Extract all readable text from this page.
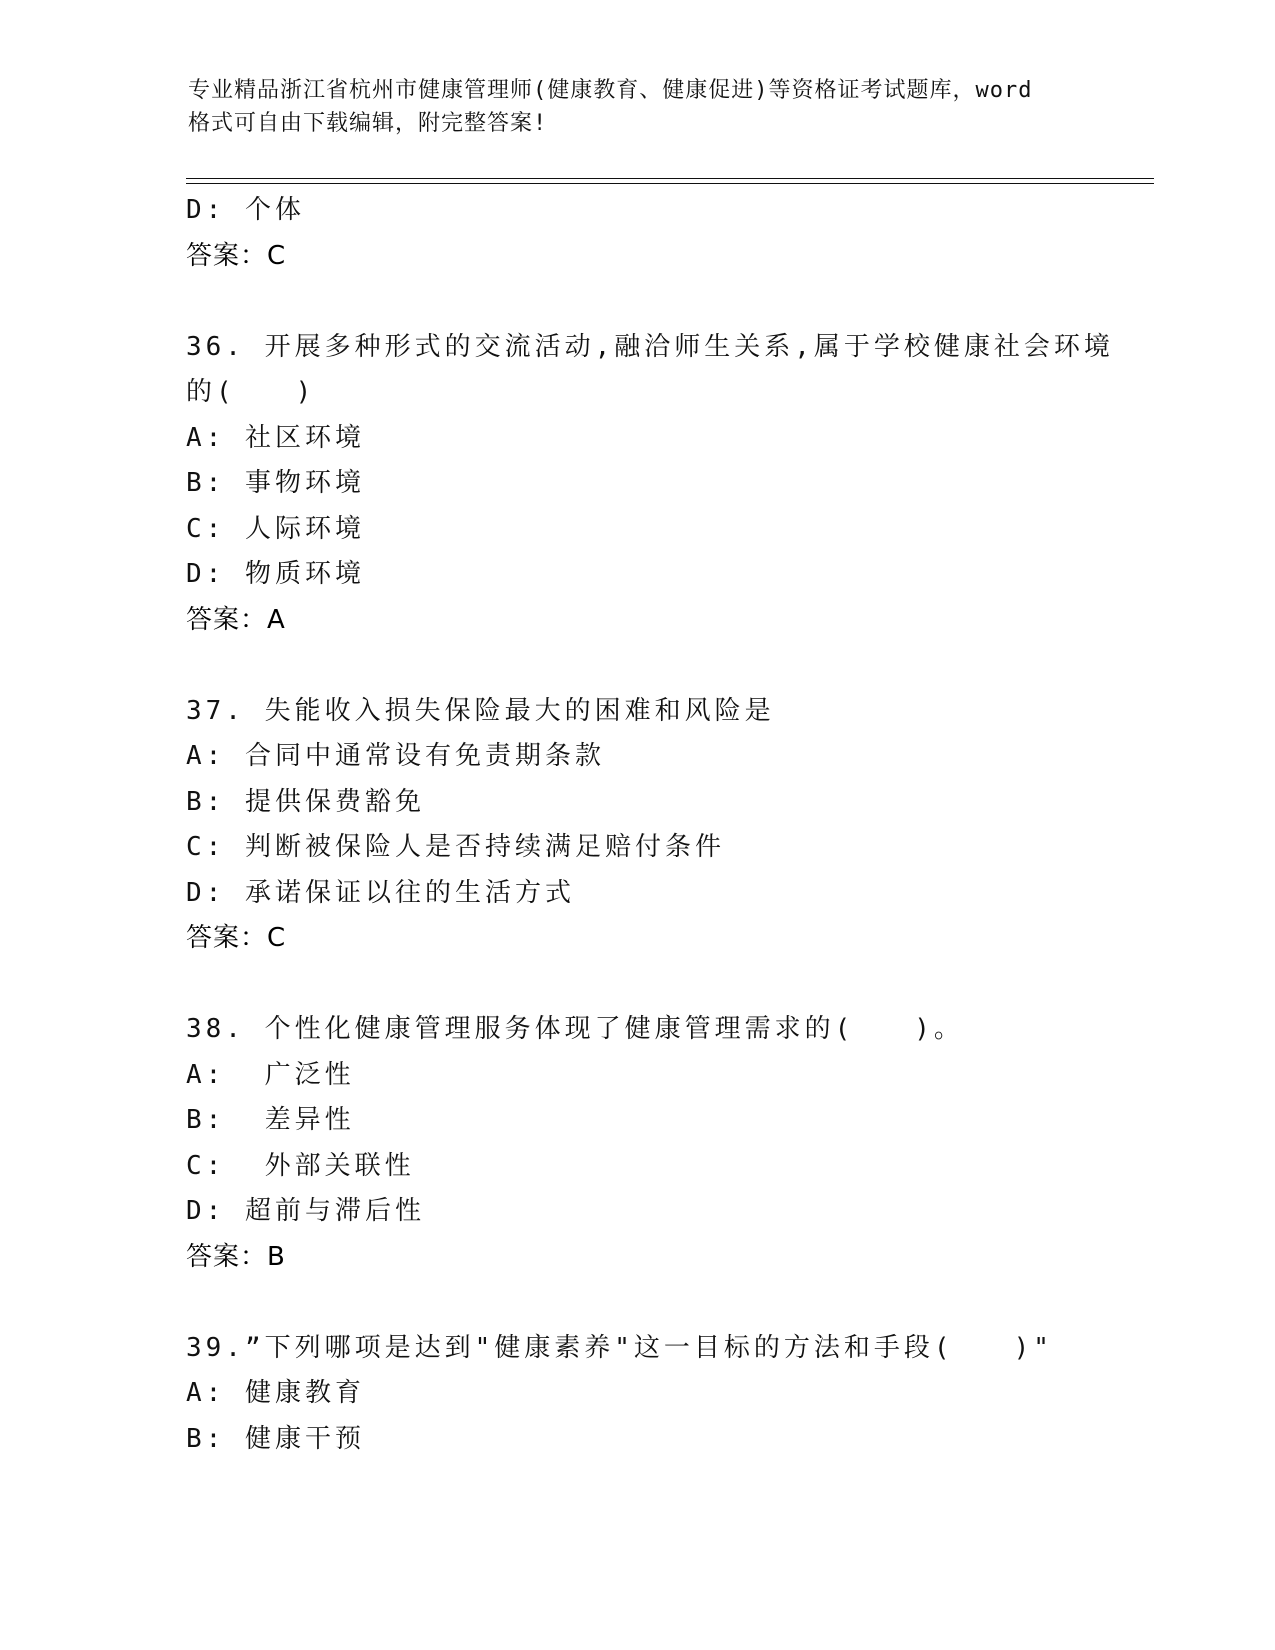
专业精品浙江省杭州市健康管理师(健康教育、健康促进)等资格证考试题库，word
格式可自由下载编辑，附完整答案!
D: 个体
答案：C
36. 开展多种形式的交流活动,融洽师生关系,属于学校健康社会环境
的(　　)
A: 社区环境
B: 事物环境
C: 人际环境
D: 物质环境
答案：A
37. 失能收入损失保险最大的困难和风险是
A: 合同中通常设有免责期条款
B: 提供保费豁免
C: 判断被保险人是否持续满足赔付条件
D: 承诺保证以往的生活方式
答案：C
38. 个性化健康管理服务体现了健康管理需求的(　　)。
A:  广泛性
B:  差异性
C:  外部关联性
D: 超前与滞后性
答案：B
39.”下列哪项是达到"健康素养"这一目标的方法和手段(　　)"
A: 健康教育
B: 健康干预
